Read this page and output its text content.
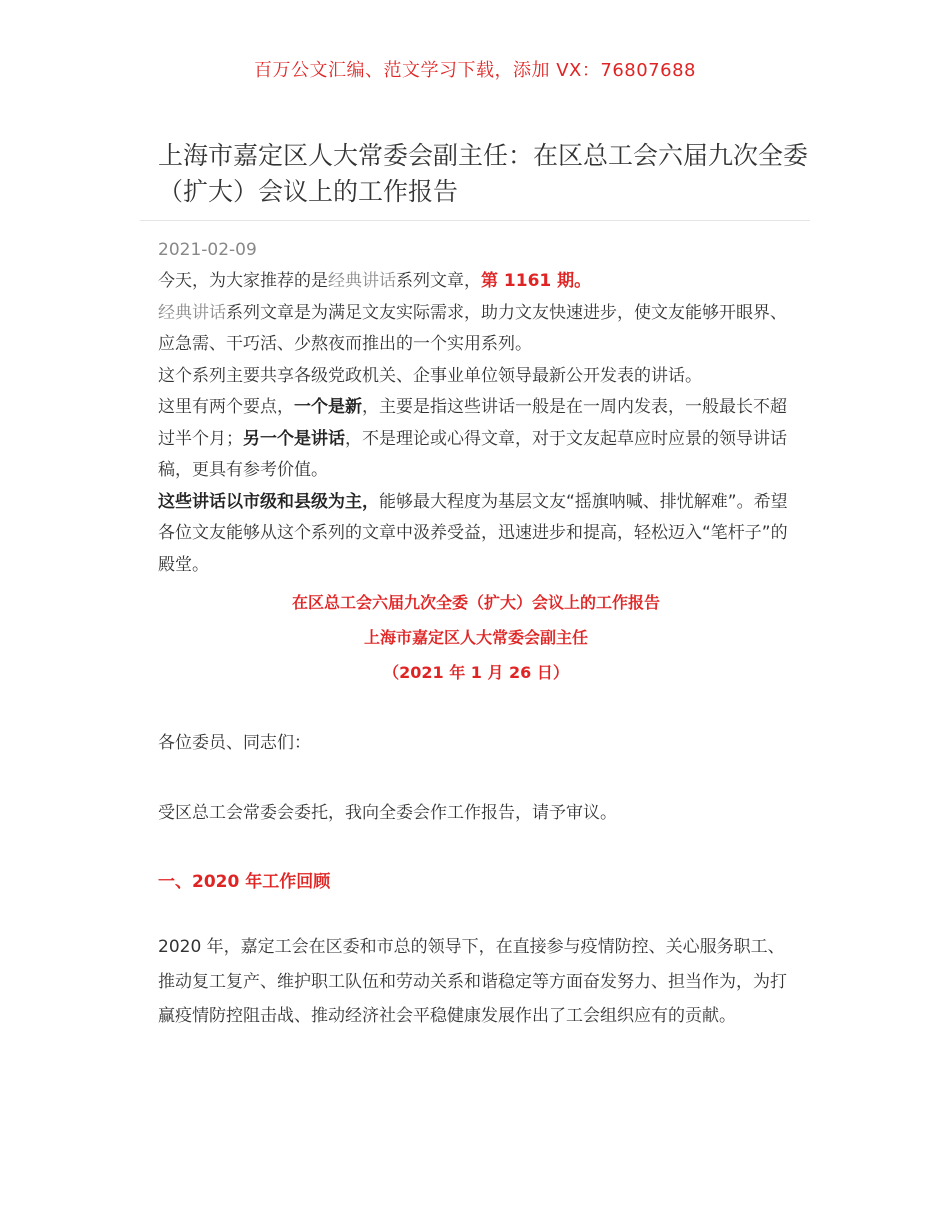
百万公文汇编、范文学习下载，添加 VX：76807688
上海市嘉定区人大常委会副主任：在区总工会六届九次全委（扩大）会议上的工作报告
2021-02-09

今天，为大家推荐的是经典讲话系列文章，第 1161 期。

经典讲话系列文章是为满足文友实际需求，助力文友快速进步，使文友能够开眼界、应急需、干巧活、少熬夜而推出的一个实用系列。

这个系列主要共享各级党政机关、企事业单位领导最新公开发表的讲话。

这里有两个要点，一个是新，主要是指这些讲话一般是在一周内发表，一般最长不超过半个月；另一个是讲话，不是理论或心得文章，对于文友起草应时应景的领导讲话稿，更具有参考价值。

这些讲话以市级和县级为主，能够最大程度为基层文友“摇旗呐喊、排忧解难”。希望各位文友能够从这个系列的文章中汲养受益，迅速进步和提高，轻松迈入“笔杆子”的殿堂。

在区总工会六届九次全委（扩大）会议上的工作报告
上海市嘉定区人大常委会副主任
（2021 年 1 月 26 日）
各位委员、同志们：
受区总工会常委会委托，我向全委会作工作报告，请予审议。
一、2020 年工作回顾
2020 年，嘉定工会在区委和市总的领导下，在直接参与疫情防控、关心服务职工、推动复工复产、维护职工队伍和劳动关系和谐稳定等方面奋发努力、担当作为，为打赢疫情防控阻击战、推动经济社会平稳健康发展作出了工会组织应有的贡献。
